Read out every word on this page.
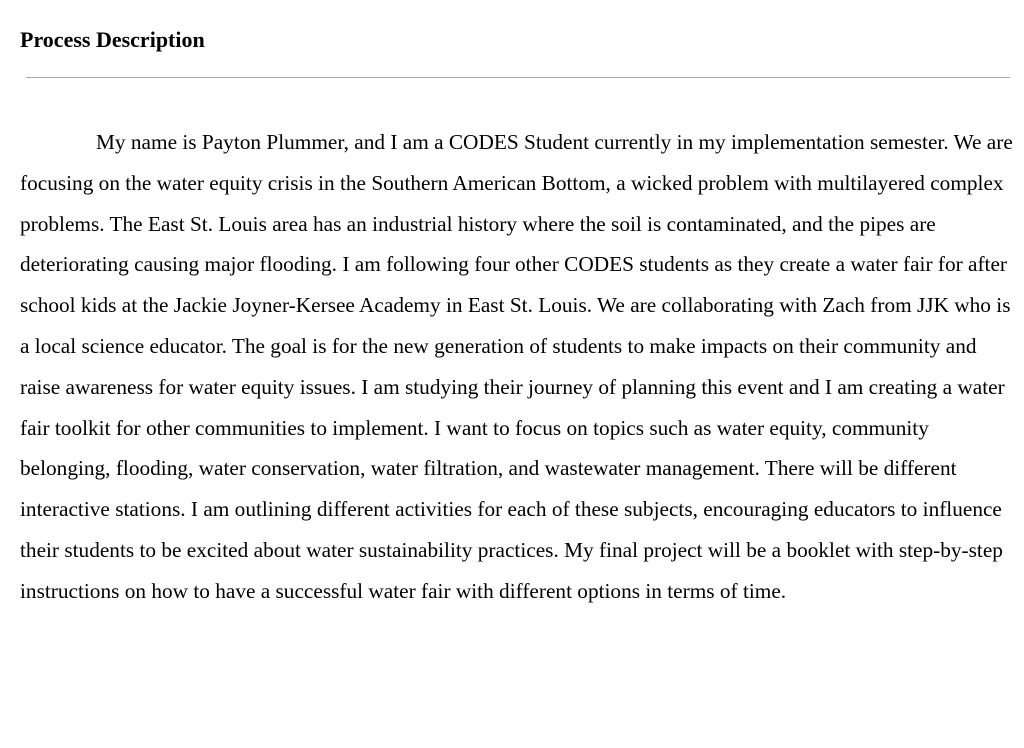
Process Description

My name is Payton Plummer, and I am a CODES Student currently in my implementation semester. We are focusing on the water equity crisis in the Southern American Bottom, a wicked problem with multilayered complex problems. The East St. Louis area has an industrial history where the soil is contaminated, and the pipes are deteriorating causing major flooding. I am following four other CODES students as they create a water fair for after school kids at the Jackie Joyner-Kersee Academy in East St. Louis. We are collaborating with Zach from JJK who is a local science educator. The goal is for the new generation of students to make impacts on their community and raise awareness for water equity issues. I am studying their journey of planning this event and I am creating a water fair toolkit for other communities to implement. I want to focus on topics such as water equity, community belonging, flooding, water conservation, water filtration, and wastewater management. There will be different interactive stations. I am outlining different activities for each of these subjects, encouraging educators to influence their students to be excited about water sustainability practices. My final project will be a booklet with step-by-step instructions on how to have a successful water fair with different options in terms of time.
